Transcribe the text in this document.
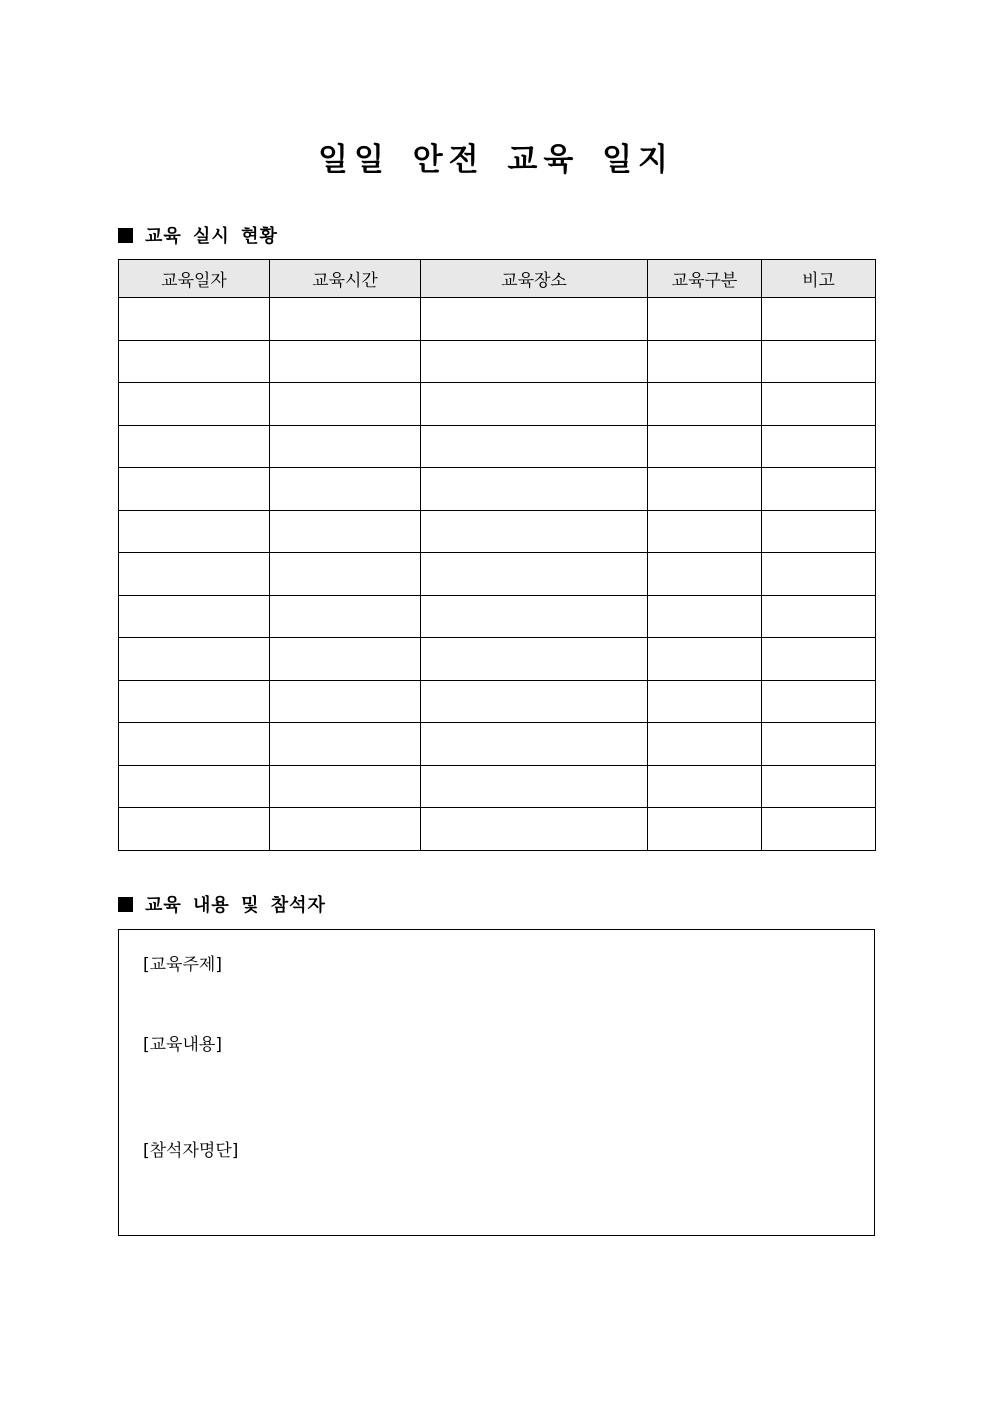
일일 안전 교육 일지
교육 실시 현황
교육일자	교육시간	교육장소	교육구분	비고

교육 내용 및 참석자
[교육주제]
[교육내용]
[참석자명단]
